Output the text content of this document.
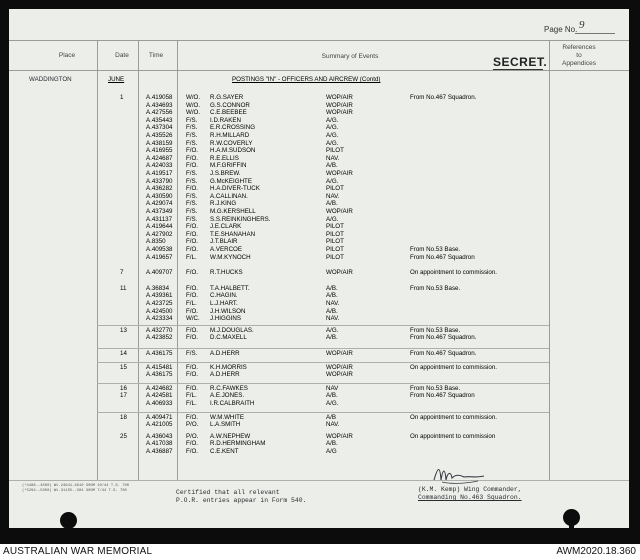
Page No. 9
Place	Date	Time	Summary of Events
References
to
Appendices
SECRET.
WADDINGTON	JUNE	POSTINGS "IN" - OFFICERS AND AIRCREW (Contd)
1	A.419058 W/O. R.G.SAYER	WOP/AIR	From No.467 Squadron.
A.434693 W/O. G.S.CONNOR	WOP/AIR
A.427556 W/O. C.E.BEEBEE	WOP/AIR
A.435443 F/S. I.D.RAKEN	A/G.
A.437304 F/S. E.R.CROSSING	A/G.
A.435526 F/S. R.H.MILLARD	A/G.
A.438159 F/S. R.W.COVERLY	A/G.
A.416955 F/O. H.A.M.SUDSON	PILOT
A.424687 F/O. R.E.ELLIS	NAV.
A.424033 F/O. M.F.GRIFFIN	A/B.
A.419517 F/S. J.S.BREW.	WOP/AIR
A.433790 F/S. G.McKEIGHTE	A/G.
A.436282 F/O. H.A.DIVER-TUCK	PILOT
A.430590 F/S. A.CALLINAN.	NAV.
A.429074 F/S. R.J.KING	A/B.
A.437349 F/S. M.G.KERSHELL	WOP/AIR
A.431137 F/S. S.S.REINKINGHERS.	A/G.
A.419644 F/O. J.E.CLARK	PILOT
A.427902 F/O. T.E.SHANAHAN	PILOT
A.8350	F/O. J.T.BLAIR	PILOT
A.409538 F/O. A.VERCOE	PILOT	From No.53 Base.
A.419657 F/L. W.M.KYNOCH	PILOT	From No.467 Squadron
7	A.409707 F/O. R.T.HUCKS	WOP/AIR	On appointment to commission.
11	A.36834	F/O. T.A.HALBETT.	A/B.	From No.53 Base.
A.439361 F/O. C.HAGIN.	A/B.
A.423725 F/L. L.J.HART.	NAV.
A.424500 F/O. J.H.WILSON	A/B.
A.423334 W/C. J.HIGGINS	NAV.
13	A.432770 F/O. M.J.DOUGLAS.	A/G.	From No.53 Base.
A.423852 F/O. D.C.MAXELL	A/B.	From No.467 Squadron.
14	A.436175 F/S. A.D.HERR	WOP/AIR	From No.467 Squadron.
15	A.415481 F/O. K.H.MORRIS	WOP/AIR	On appointment to commission.
A.436175 F/O. A.D.HERR	WOP/AIR
16	A.424682 F/O. R.C.FAWKES	NAV	From No.53 Base.
17	A.424581 F/L. A.E.JONES.	A/B.	From No.467 Squadron
A.406933 F/L. I.R.CALBRAITH	A/G.
18	A.409471 F/O. W.M.WHITE	A/B	On appointment to commission.
A.421005 P/O. L.A.SMITH	NAV.
25	A.436043 P/O. A.W.NEPHEW	WOP/AIR	On appointment to commission
A.417038 F/O. R.D.HERMINGHAM	A/B.
A.436887 F/O. C.E.KENT	A/G
(*4488--4500) Wt.24641-4910 300M 10/44 T.S. 700
(*5294--5300) Wt.31155--304 300M 7/44 T.S. 700	Certified that all relevant
P.O.R. entries appear in Form 540.
(K.M. Kemp) Wing Commander,
Commanding No.463 Squadron.
AUSTRALIAN WAR MEMORIAL	AWM2020.18.360
